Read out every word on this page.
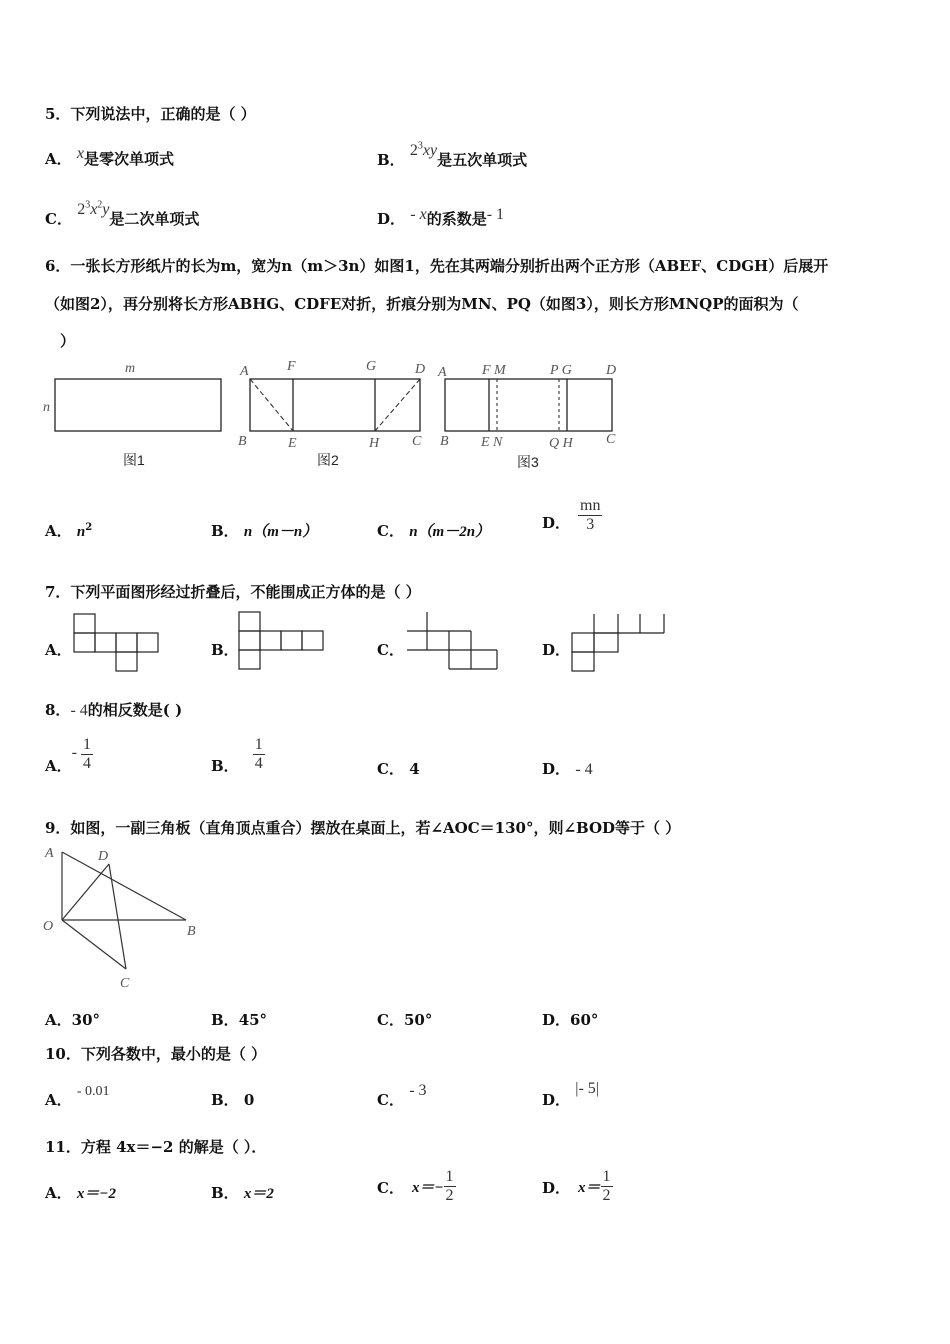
5．下列说法中，正确的是（ ）
A． x是零次单项式	B． $2^3xy$是五次单项式
C． $2^3x^2y$是二次单项式	D． - x的系数是- 1
6．一张长方形纸片的长为m，宽为n（m＞3n）如图1，先在其两端分别折出两个正方形（ABEF、CDGH）后展开
（如图2），再分别将长方形ABHG、CDFE对折，折痕分别为MN、PQ（如图3），则长方形MNQP的面积为（
）
m
n
图1
A	F	G	D
B	E	H C
图2
A	F M	P G D
B E N	Q H C
图3
A． $n^2$	B． n（m－n）	C． n（m－2n）	D． $\frac{mn}{3}$
7．下列平面图形经过折叠后，不能围成正方体的是（ ）
A．	B．	C．	D．
8．- 4的相反数是( )
A．
- $\frac{1}{4}$	B． $\frac{1}{4}$	C． 4	D． - 4
9．如图，一副三角板（直角顶点重合）摆放在桌面上，若∠AOC＝130°，则∠BOD等于（ ）
A	D
O	B
C
A．30°	B．45°	C．50°	D．60°
10．下列各数中，最小的是（ ）
A． - 0.01	B． 0	C． - 3
D． |- 5|
11．方程 4x＝−2 的解是（ ）．
A． x＝−2	B． x＝2	C． $x=- \frac{1}{2}$	D． $x= \frac{1}{2}$
